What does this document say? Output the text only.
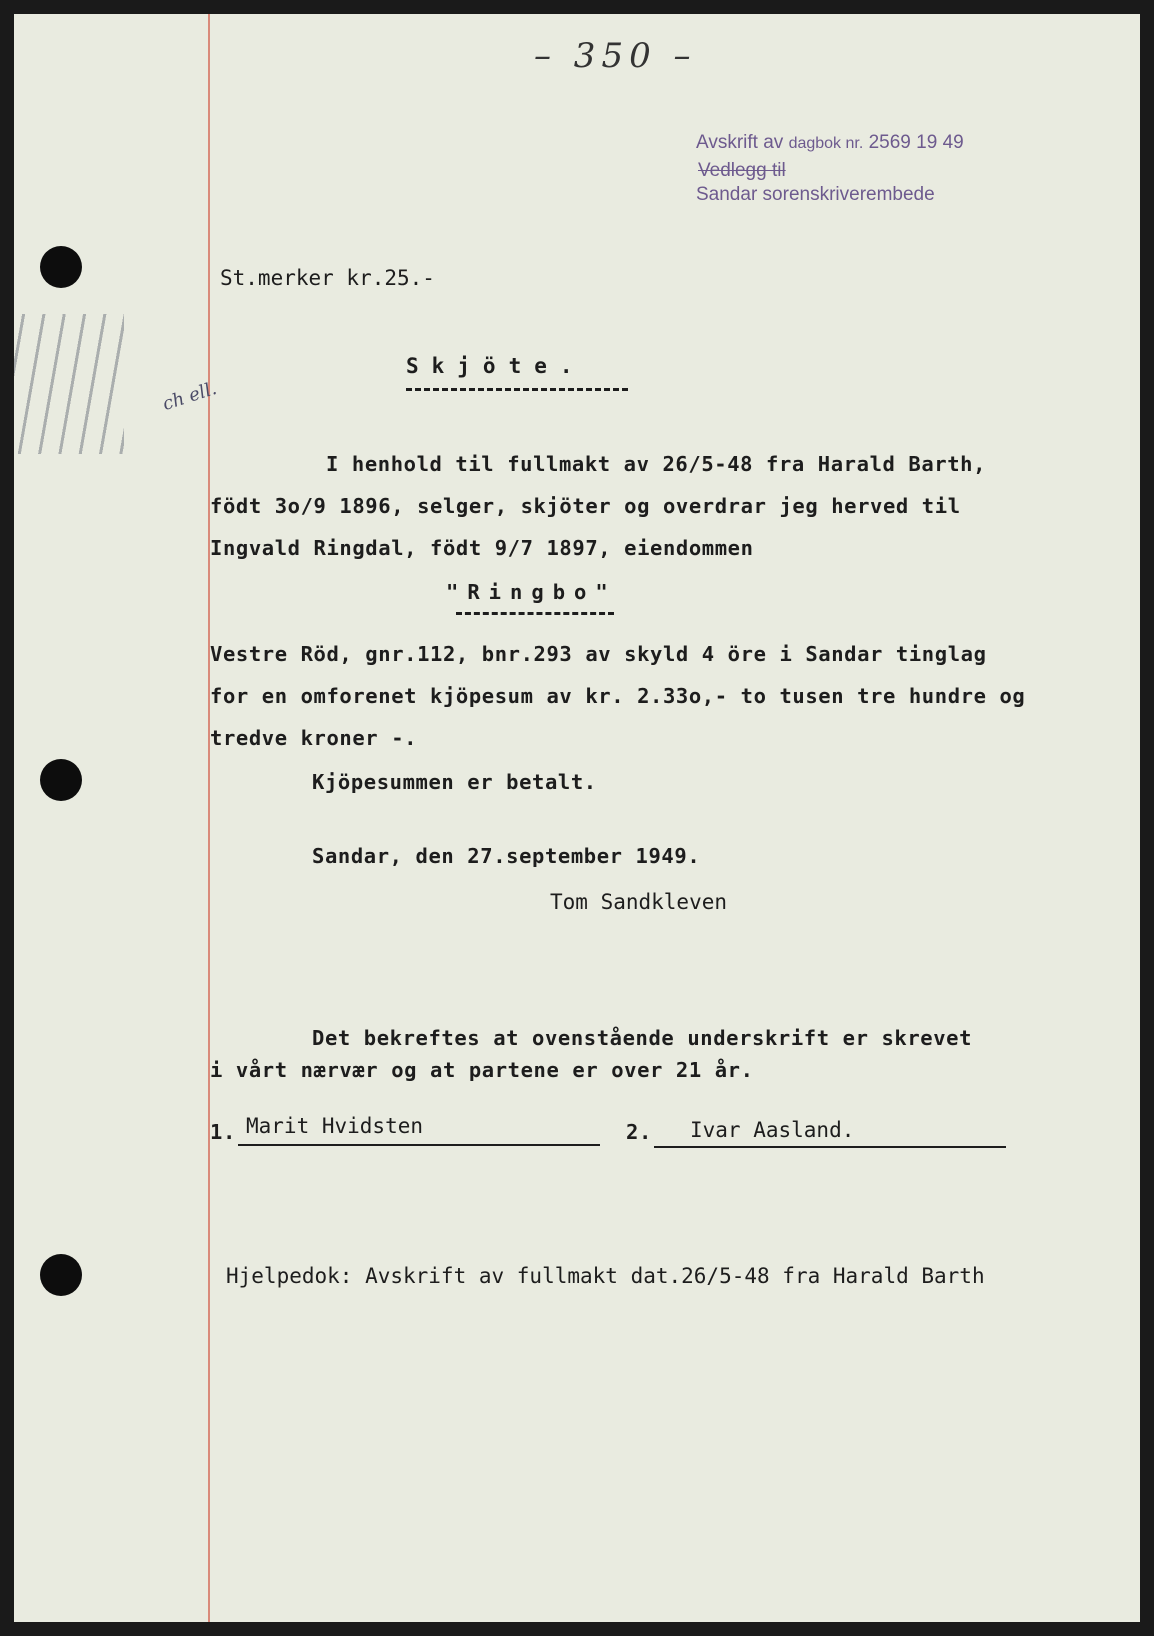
– 350 –
ch ell.
Avskrift av dagbok nr. 2569 19 49
Vedlegg til
Sandar sorenskriverembede
St.merker kr.25.-
Skjöte.
I henhold til fullmakt av 26/5-48 fra Harald Barth,
födt 3o/9 1896, selger, skjöter og overdrar jeg herved til
Ingvald Ringdal, födt 9/7 1897, eiendommen
"Ringbo"
Vestre Röd, gnr.112, bnr.293 av skyld 4 öre i Sandar tinglag
for en omforenet kjöpesum av kr. 2.33o,- to tusen tre hundre og
tredve kroner -.
Kjöpesummen er betalt.
Sandar, den 27.september 1949.
Tom Sandkleven
Det bekreftes at ovenstående underskrift er skrevet
i vårt nærvær og at partene er over 21 år.
1. Marit Hvidsten	2. Ivar Aasland.
Hjelpedok: Avskrift av fullmakt dat.26/5-48 fra Harald Barth
